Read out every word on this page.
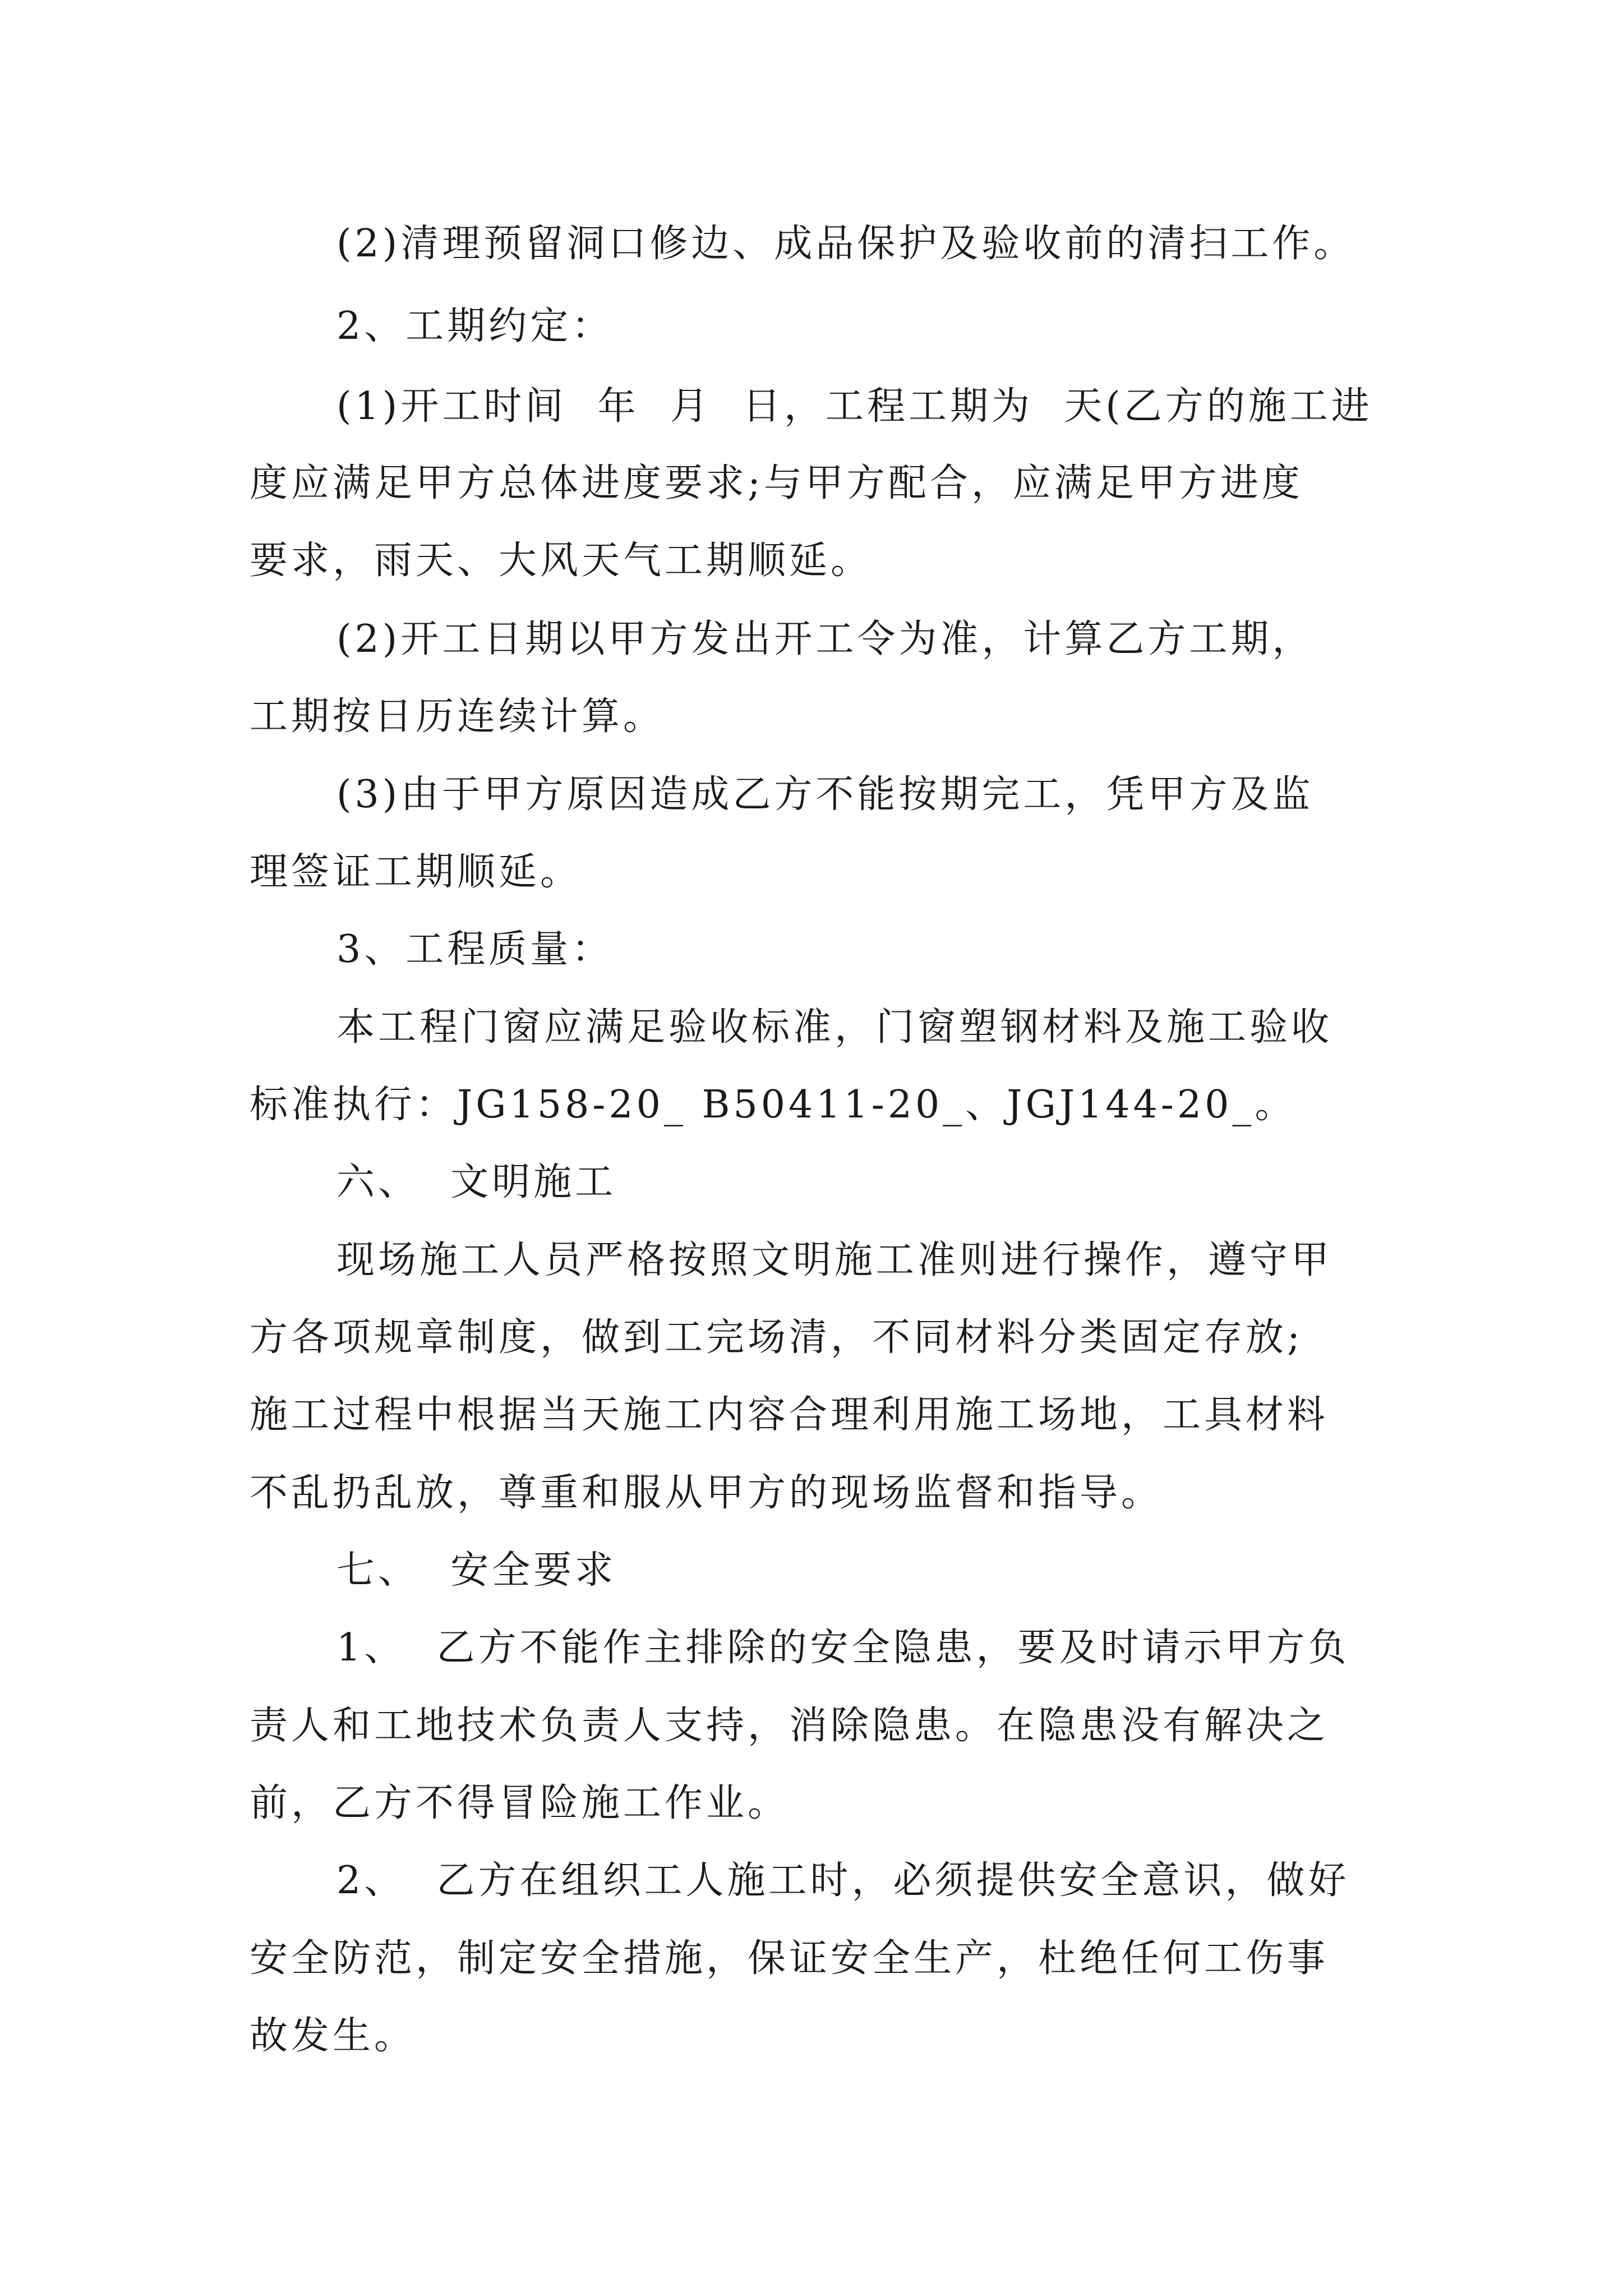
(2)清理预留洞口修边、成品保护及验收前的清扫工作。
2、工期约定：
(1)开工时间  年  月  日，工程工期为  天(乙方的施工进
度应满足甲方总体进度要求;与甲方配合，应满足甲方进度
要求，雨天、大风天气工期顺延。
(2)开工日期以甲方发出开工令为准，计算乙方工期，
工期按日历连续计算。
(3)由于甲方原因造成乙方不能按期完工，凭甲方及监
理签证工期顺延。
3、工程质量：
本工程门窗应满足验收标准，门窗塑钢材料及施工验收
标准执行：JG158-20_ B50411-20_、JGJ144-20_。
六、  文明施工
现场施工人员严格按照文明施工准则进行操作，遵守甲
方各项规章制度，做到工完场清，不同材料分类固定存放;
施工过程中根据当天施工内容合理利用施工场地，工具材料
不乱扔乱放，尊重和服从甲方的现场监督和指导。
七、  安全要求
1、  乙方不能作主排除的安全隐患，要及时请示甲方负
责人和工地技术负责人支持，消除隐患。在隐患没有解决之
前，乙方不得冒险施工作业。
2、  乙方在组织工人施工时，必须提供安全意识，做好
安全防范，制定安全措施，保证安全生产，杜绝任何工伤事
故发生。
